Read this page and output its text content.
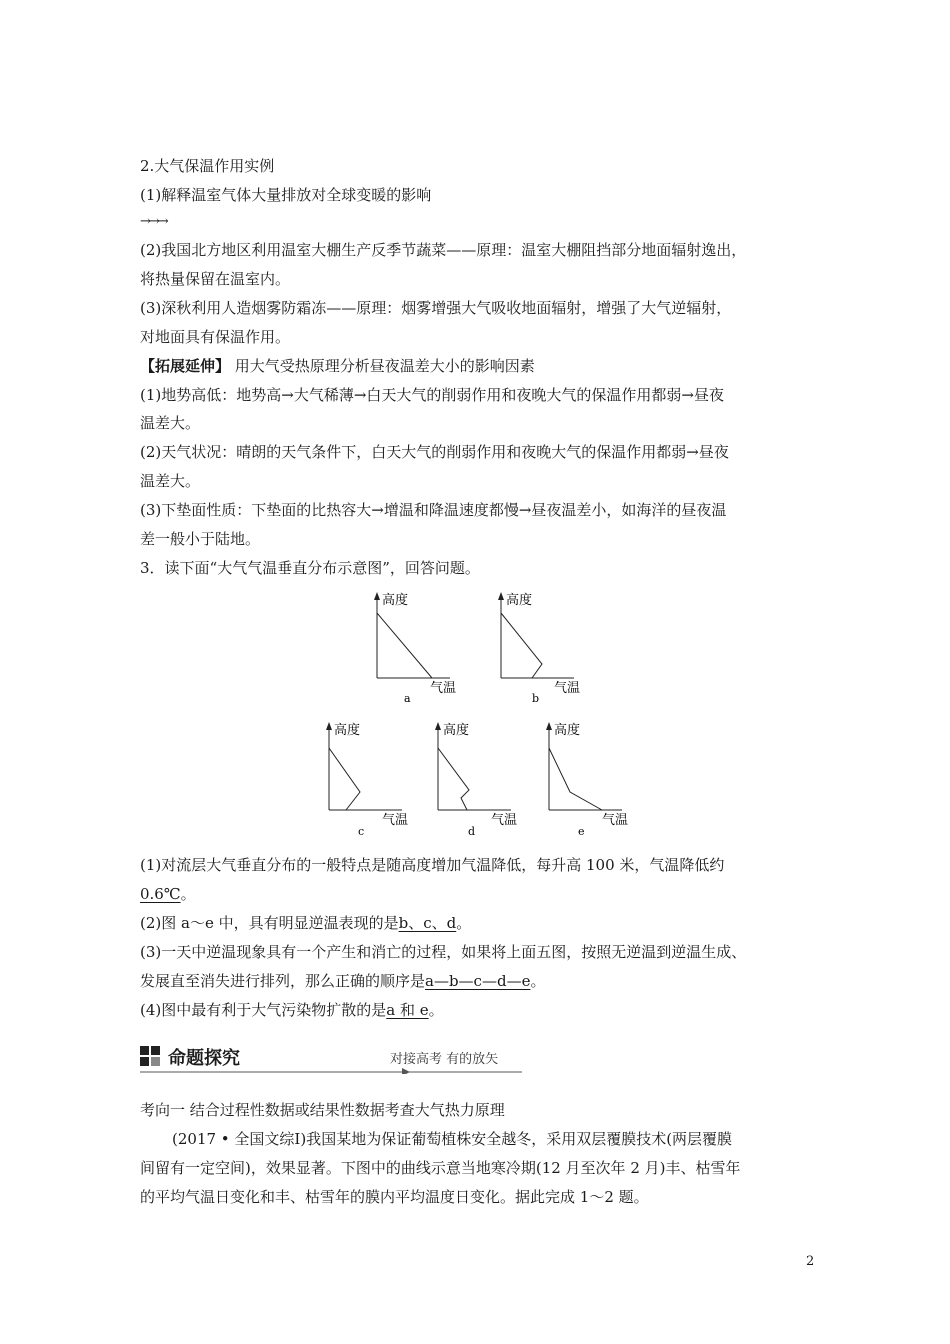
2.大气保温作用实例
(1)解释温室气体大量排放对全球变暖的影响
→→→
(2)我国北方地区利用温室大棚生产反季节蔬菜——原理：温室大棚阻挡部分地面辐射逸出，
将热量保留在温室内。
(3)深秋利用人造烟雾防霜冻——原理：烟雾增强大气吸收地面辐射，增强了大气逆辐射，
对地面具有保温作用。
【拓展延伸】 用大气受热原理分析昼夜温差大小的影响因素
(1)地势高低：地势高→大气稀薄→白天大气的削弱作用和夜晚大气的保温作用都弱→昼夜
温差大。
(2)天气状况：晴朗的天气条件下，白天大气的削弱作用和夜晚大气的保温作用都弱→昼夜
温差大。
(3)下垫面性质：下垫面的比热容大→增温和降温速度都慢→昼夜温差小，如海洋的昼夜温
差一般小于陆地。
3．读下面“大气气温垂直分布示意图”，回答问题。
高度
气温
a
高度
气温
b
高度
气温
c
高度
气温
d
高度
气温
e
(1)对流层大气垂直分布的一般特点是随高度增加气温降低，每升高 100 米，气温降低约
0.6℃。
(2)图 a～e 中，具有明显逆温表现的是b、c、d。
(3)一天中逆温现象具有一个产生和消亡的过程，如果将上面五图，按照无逆温到逆温生成、
发展直至消失进行排列，那么正确的顺序是a—b—c—d—e。
(4)图中最有利于大气污染物扩散的是a 和 e。
命题探究	对接高考 有的放矢
考向一 结合过程性数据或结果性数据考查大气热力原理
(2017 • 全国文综Ⅰ)我国某地为保证葡萄植株安全越冬，采用双层覆膜技术(两层覆膜
间留有一定空间)，效果显著。下图中的曲线示意当地寒冷期(12 月至次年 2 月)丰、枯雪年
的平均气温日变化和丰、枯雪年的膜内平均温度日变化。据此完成 1～2 题。
2
